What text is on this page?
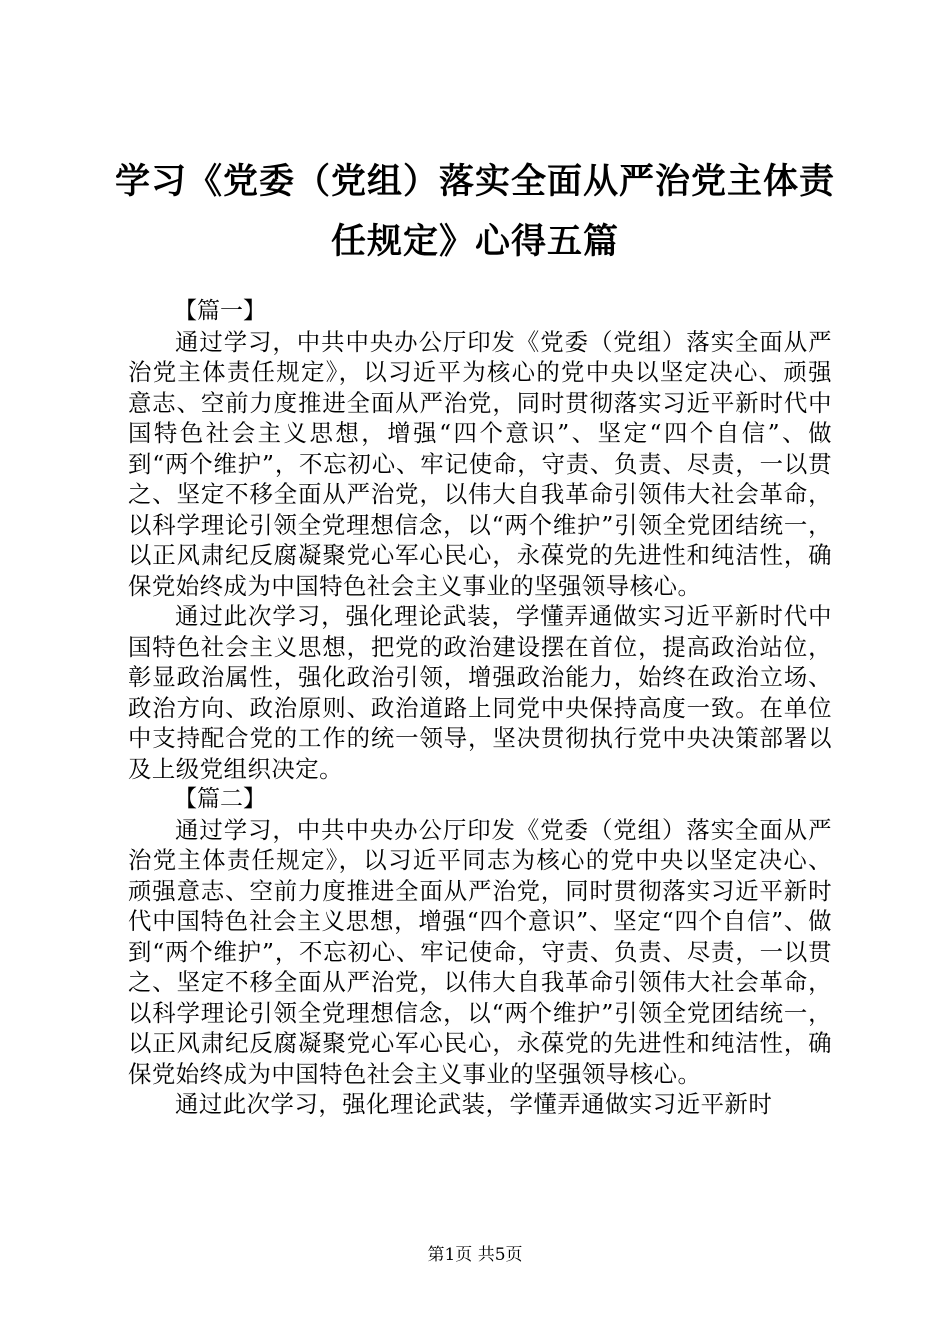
学习《党委（党组）落实全面从严治党主体责
任规定》心得五篇
【篇一】

通过学习，中共中央办公厅印发《党委（党组）落实全面从严治党主体责任规定》，以习近平为核心的党中央以坚定决心、顽强意志、空前力度推进全面从严治党，同时贯彻落实习近平新时代中国特色社会主义思想，增强“四个意识”、坚定“四个自信”、做到“两个维护”，不忘初心、牢记使命，守责、负责、尽责，一以贯之、坚定不移全面从严治党，以伟大自我革命引领伟大社会革命，以科学理论引领全党理想信念，以“两个维护”引领全党团结统一，以正风肃纪反腐凝聚党心军心民心，永葆党的先进性和纯洁性，确保党始终成为中国特色社会主义事业的坚强领导核心。

通过此次学习，强化理论武装，学懂弄通做实习近平新时代中国特色社会主义思想，把党的政治建设摆在首位，提高政治站位，彰显政治属性，强化政治引领，增强政治能力，始终在政治立场、政治方向、政治原则、政治道路上同党中央保持高度一致。在单位中支持配合党的工作的统一领导，坚决贯彻执行党中央决策部署以及上级党组织决定。

【篇二】

通过学习，中共中央办公厅印发《党委（党组）落实全面从严治党主体责任规定》，以习近平同志为核心的党中央以坚定决心、顽强意志、空前力度推进全面从严治党，同时贯彻落实习近平新时代中国特色社会主义思想，增强“四个意识”、坚定“四个自信”、做到“两个维护”，不忘初心、牢记使命，守责、负责、尽责，一以贯之、坚定不移全面从严治党，以伟大自我革命引领伟大社会革命，以科学理论引领全党理想信念，以“两个维护”引领全党团结统一，以正风肃纪反腐凝聚党心军心民心，永葆党的先进性和纯洁性，确保党始终成为中国特色社会主义事业的坚强领导核心。

通过此次学习，强化理论武装，学懂弄通做实习近平新时

第1页 共5页
